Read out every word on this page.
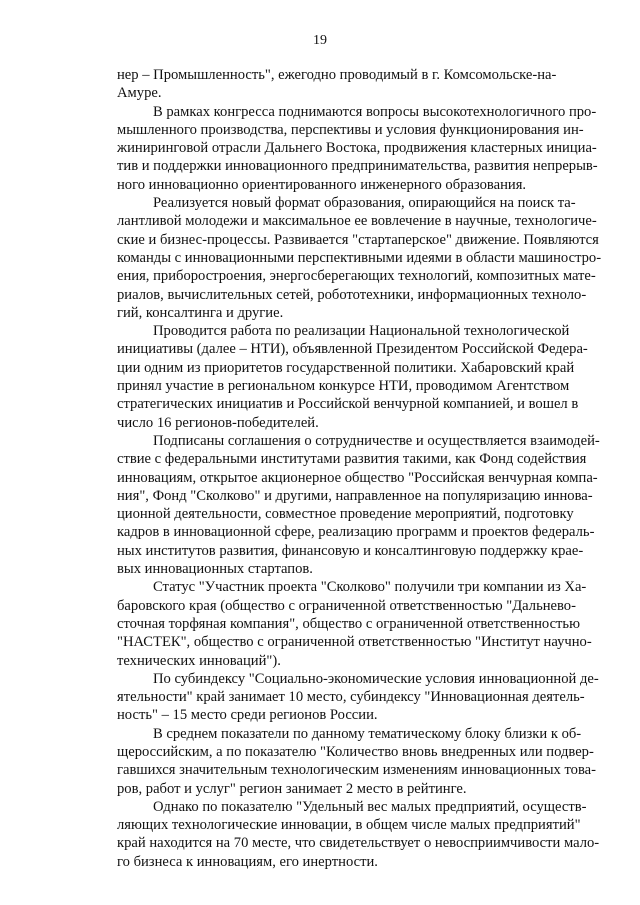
19
нер – Промышленность", ежегодно проводимый в г. Комсомольске-на-
Амуре.
В рамках конгресса поднимаются вопросы высокотехнологичного про-
мышленного производства, перспективы и условия функционирования ин-
жиниринговой отрасли Дальнего Востока, продвижения кластерных инициа-
тив и поддержки инновационного предпринимательства, развития непрерыв-
ного инновационно ориентированного инженерного образования.
Реализуется новый формат образования, опирающийся на поиск та-
лантливой молодежи и максимальное ее вовлечение в научные, технологиче-
ские и бизнес-процессы. Развивается "стартаперское" движение. Появляются
команды с инновационными перспективными идеями в области машиностро-
ения, приборостроения, энергосберегающих технологий, композитных мате-
риалов, вычислительных сетей, робототехники, информационных техноло-
гий, консалтинга и другие.
Проводится работа по реализации Национальной технологической
инициативы (далее – НТИ), объявленной Президентом Российской Федера-
ции одним из приоритетов государственной политики. Хабаровский край
принял участие в региональном конкурсе НТИ, проводимом Агентством
стратегических инициатив и Российской венчурной компанией, и вошел в
число 16 регионов-победителей.
Подписаны соглашения о сотрудничестве и осуществляется взаимодей-
ствие с федеральными институтами развития такими, как Фонд содействия
инновациям, открытое акционерное общество "Российская венчурная компа-
ния", Фонд "Сколково" и другими, направленное на популяризацию иннова-
ционной деятельности, совместное проведение мероприятий, подготовку
кадров в инновационной сфере, реализацию программ и проектов федераль-
ных институтов развития, финансовую и консалтинговую поддержку крае-
вых инновационных стартапов.
Статус "Участник проекта "Сколково" получили три компании из Ха-
баровского края (общество с ограниченной ответственностью "Дальнево-
сточная торфяная компания", общество с ограниченной ответственностью
"НАСТЕК", общество с ограниченной ответственностью "Институт научно-
технических инноваций").
По субиндексу "Социально-экономические условия инновационной де-
ятельности" край занимает 10 место, субиндексу "Инновационная деятель-
ность" – 15 место среди регионов России.
В среднем показатели по данному тематическому блоку близки к об-
щероссийским, а по показателю "Количество вновь внедренных или подвер-
гавшихся значительным технологическим изменениям инновационных това-
ров, работ и услуг" регион занимает 2 место в рейтинге.
Однако по показателю "Удельный вес малых предприятий, осуществ-
ляющих технологические инновации, в общем числе малых предприятий"
край находится на 70 месте, что свидетельствует о невосприимчивости мало-
го бизнеса к инновациям, его инертности.
